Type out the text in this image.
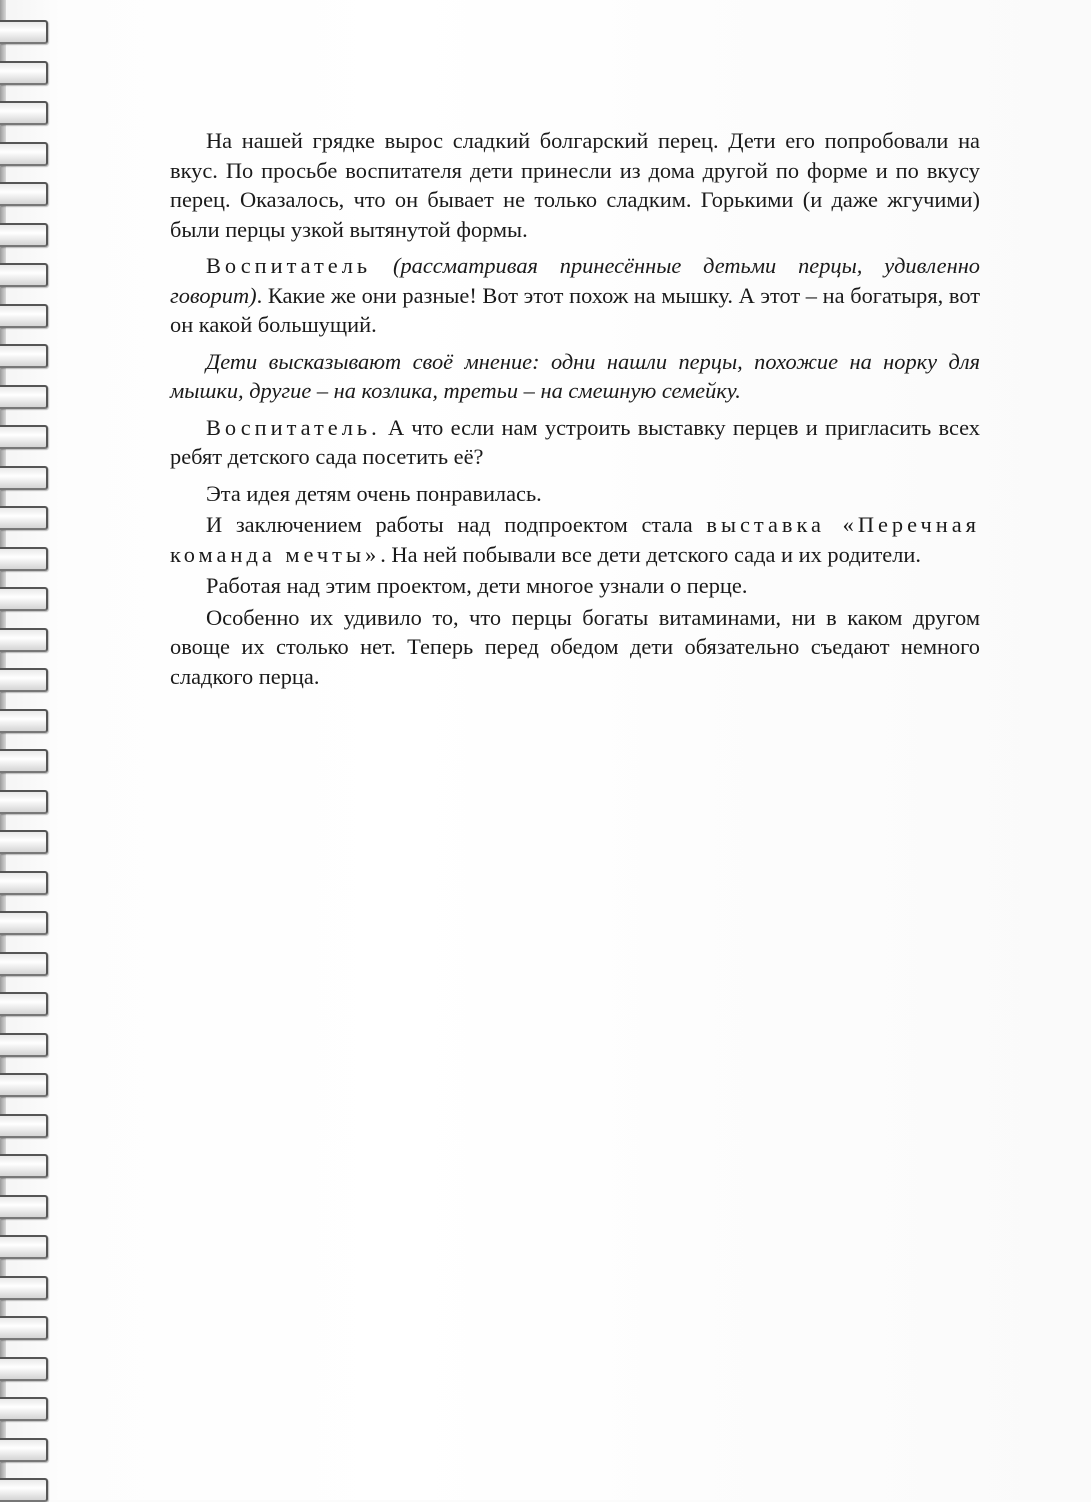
На нашей грядке вырос сладкий болгарский перец. Дети его попробовали на вкус. По просьбе воспитателя дети принесли из дома другой по форме и по вкусу перец. Оказалось, что он бывает не только сладким. Горькими (и даже жгучими) были перцы узкой вытянутой формы.

Воспитатель (рассматривая принесённые детьми перцы, удивленно говорит). Какие же они разные! Вот этот похож на мышку. А этот – на богатыря, вот он какой большущий.

Дети высказывают своё мнение: одни нашли перцы, похожие на норку для мышки, другие – на козлика, третьи – на смешную семейку.

Воспитатель. А что если нам устроить выставку перцев и пригласить всех ребят детского сада посетить её?

Эта идея детям очень понравилась.

И заключением работы над подпроектом стала выставка «Перечная команда мечты». На ней побывали все дети детского сада и их родители.

Работая над этим проектом, дети многое узнали о перце.

Особенно их удивило то, что перцы богаты витаминами, ни в каком другом овоще их столько нет. Теперь перед обедом дети обязательно съедают немного сладкого перца.
